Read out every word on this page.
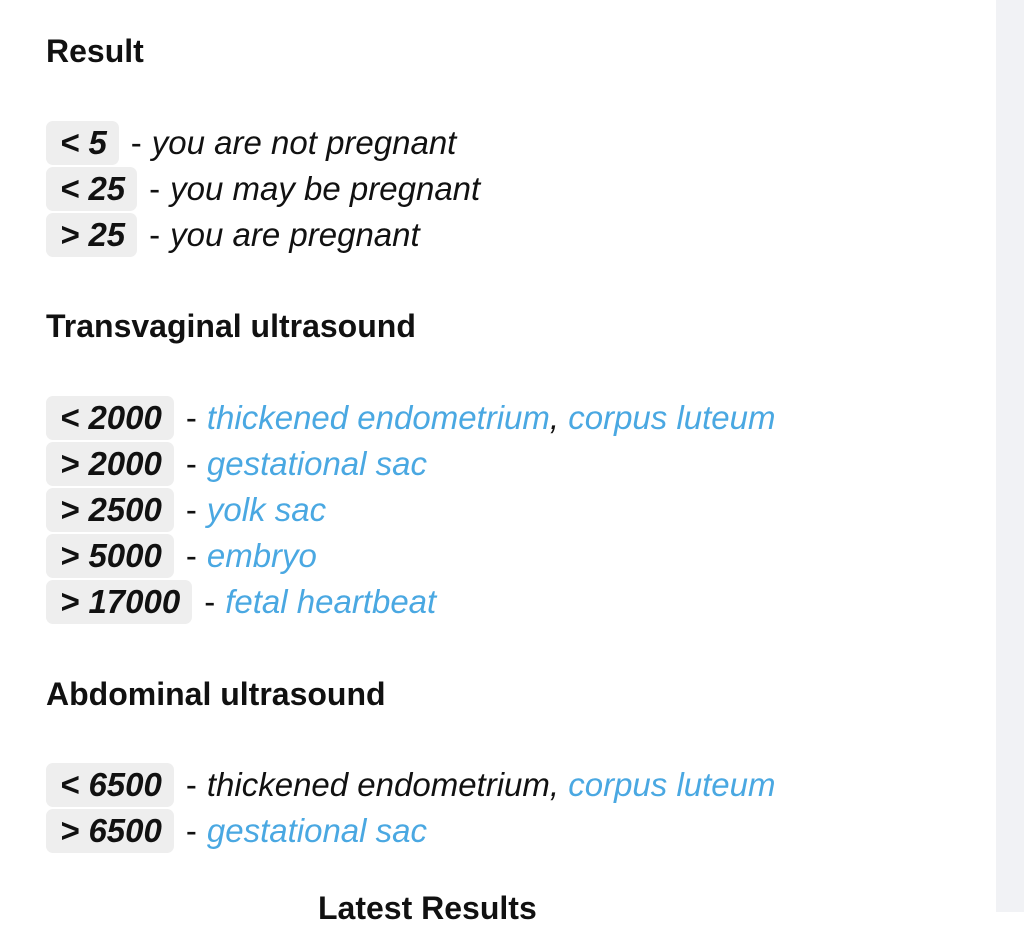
Result
< 5 - you are not pregnant
< 25 - you may be pregnant
> 25 - you are pregnant
Transvaginal ultrasound
< 2000 - thickened endometrium ,
corpus luteum
> 2000 - gestational sac
> 2500 - yolk sac
> 5000 - embryo
> 17000 - fetal heartbeat
Abdominal ultrasound
< 6500 - thickened endometrium ,
corpus luteum
> 6500 - gestational sac
Latest Results
